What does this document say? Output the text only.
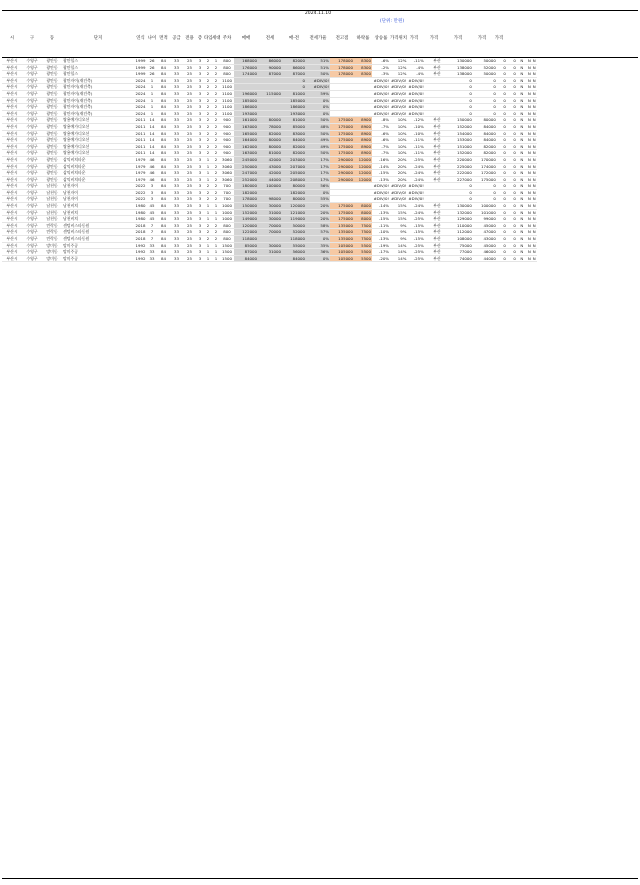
2024.11.10
(단위: 만원)
시	구	동	단지	연식 나이 면적	공급	전용 층 타입 세대 주차	매매	전세	매-전	전세가율	전고점	하락률	상승률 가격위치 가격	가격	가격	가격	가격
부산시	수영구	광안동	광안힐스	1999	26	84	33	25	3	2	1	800	168000	86000	82000	51%	178000	8300	-6%	12%	-11%	부산	130000	50000	0	0	N	N	N
부산시	수영구	광안동	광안힐스	1999	26	84	33	25	3	2	2	800	176000	90000	86000	51%	178000	8300	-2%	12%	-4%	부산	138000	52000	0	0	N	N	N
부산시	수영구	광안동	광안힐스	1999	26	84	33	25	3	2	2	800	174000	87000	87000	50%	178000	8300	-3%	12%	-4%	부산	138000	50000	0	0	N	N	N
부산시	수영구	광안동	광안자이(재건축)	2024	1	84	33	25	3	2	2	1100			0	#DIV/0!			#DIV/0!	#DIV/0!	#DIV/0!		0	0	0	0	N	N	N
부산시	수영구	광안동	광안자이(재건축)	2024	1	84	33	25	3	2	2	1100			0	#DIV/0!			#DIV/0!	#DIV/0!	#DIV/0!		0	0	0	0	N	N	N
부산시	수영구	광안동	광안자이(재건축)	2024	1	84	33	25	3	2	2	1100	196000	115000	81000	59%			#DIV/0!	#DIV/0!	#DIV/0!		0	0	0	0	N	N	N
부산시	수영구	광안동	광안자이(재건축)	2024	1	84	33	25	3	2	2	1100	185000		185000	0%			#DIV/0!	#DIV/0!	#DIV/0!		0	0	0	0	N	N	N
부산시	수영구	광안동	광안자이(재건축)	2024	1	84	33	25	3	2	2	1100	186000		186000	0%			#DIV/0!	#DIV/0!	#DIV/0!		0	0	0	0	N	N	N
부산시	수영구	광안동	광안자이(재건축)	2024	1	84	33	25	3	2	2	1100	193000		193000	0%			#DIV/0!	#DIV/0!	#DIV/0!		0	0	0	0	N	N	N
부산시	수영구	광안동	쌍용예가디오션	2011	14	84	33	25	3	2	2	900	161000	80000	81000	50%	175000	8900	-8%	10%	-12%	부산	150000	80000	0	0	N	N	N
부산시	수영구	광안동	쌍용예가디오션	2011	14	84	33	25	3	2	2	900	163000	78000	85000	48%	175000	8900	-7%	10%	-10%	부산	152000	84000	0	0	N	N	N
부산시	수영구	광안동	쌍용예가디오션	2011	14	84	33	25	3	2	2	900	165000	82000	83000	50%	175000	8900	-6%	10%	-10%	부산	154000	84000	0	0	N	N	N
부산시	수영구	광안동	쌍용예가디오션	2011	14	84	33	25	3	2	2	900	164000	80000	84000	49%	175000	8900	-6%	10%	-11%	부산	153000	84000	0	0	N	N	N
부산시	수영구	광안동	쌍용예가디오션	2011	14	84	33	25	3	2	2	900	162000	80000	82000	49%	175000	8900	-7%	10%	-11%	부산	151000	82000	0	0	N	N	N
부산시	수영구	광안동	쌍용예가디오션	2011	14	84	33	25	3	2	2	900	163000	81000	82000	50%	175000	8900	-7%	10%	-11%	부산	152000	82000	0	0	N	N	N
부산시	수영구	광안동	삼익비치타운	1979	46	84	33	25	3	1	2	3060	245000	42000	203000	17%	290000	12000	-16%	20%	-25%	부산	220000	170000	0	0	N	N	N
부산시	수영구	광안동	삼익비치타운	1979	46	84	33	25	3	1	2	3060	250000	43000	207000	17%	290000	12000	-14%	20%	-24%	부산	225000	174000	0	0	N	N	N
부산시	수영구	광안동	삼익비치타운	1979	46	84	33	25	3	1	2	3060	247000	42000	205000	17%	290000	12000	-15%	20%	-24%	부산	222000	172000	0	0	N	N	N
부산시	수영구	광안동	삼익비치타운	1979	46	84	33	25	3	1	2	3060	252000	44000	208000	17%	290000	12000	-13%	20%	-24%	부산	227000	175000	0	0	N	N	N
부산시	수영구	남천동	남천자이	2022	3	84	33	25	3	2	2	700	180000	100000	80000	56%			#DIV/0!	#DIV/0!	#DIV/0!		0	0	0	0	N	N	N
부산시	수영구	남천동	남천자이	2022	3	84	33	25	3	2	2	700	182000		182000	0%			#DIV/0!	#DIV/0!	#DIV/0!		0	0	0	0	N	N	N
부산시	수영구	남천동	남천자이	2022	3	84	33	25	3	2	2	700	178000	98000	80000	55%			#DIV/0!	#DIV/0!	#DIV/0!		0	0	0	0	N	N	N
부산시	수영구	남천동	남천비치	1980	45	84	33	25	3	1	1	1000	150000	30000	120000	20%	175000	8000	-14%	15%	-24%	부산	130000	100000	0	0	N	N	N
부산시	수영구	남천동	남천비치	1980	45	84	33	25	3	1	1	1000	152000	31000	121000	20%	175000	8000	-13%	15%	-24%	부산	132000	101000	0	0	N	N	N
부산시	수영구	남천동	남천비치	1980	45	84	33	25	3	1	1	1000	149000	30000	119000	20%	175000	8000	-15%	15%	-25%	부산	129000	99000	0	0	N	N	N
부산시	수영구	민락동	센텀비스타동원	2018	7	84	33	25	3	2	2	800	120000	70000	50000	58%	135000	7500	-11%	9%	-15%	부산	110000	45000	0	0	N	N	N
부산시	수영구	민락동	센텀비스타동원	2018	7	84	33	25	3	2	2	800	122000	70000	52000	57%	135000	7500	-10%	9%	-15%	부산	112000	47000	0	0	N	N	N
부산시	수영구	민락동	센텀비스타동원	2018	7	84	33	25	3	2	2	800	118000		118000	0%	135000	7500	-13%	9%	-15%	부산	108000	43000	0	0	N	N	N
부산시	수영구	망미동	망미주공	1992	33	84	33	25	3	1	1	1500	85000	30000	55000	35%	105000	5500	-19%	14%	-25%	부산	75000	45000	0	0	N	N	N
부산시	수영구	망미동	망미주공	1992	33	84	33	25	3	1	1	1500	87000	31000	56000	36%	105000	5500	-17%	14%	-25%	부산	77000	46000	0	0	N	N	N
부산시	수영구	망미동	망미주공	1992	33	84	33	25	3	1	1	1500	84000		84000	0%	105000	5500	-20%	14%	-25%	부산	74000	44000	0	0	N	N	N
